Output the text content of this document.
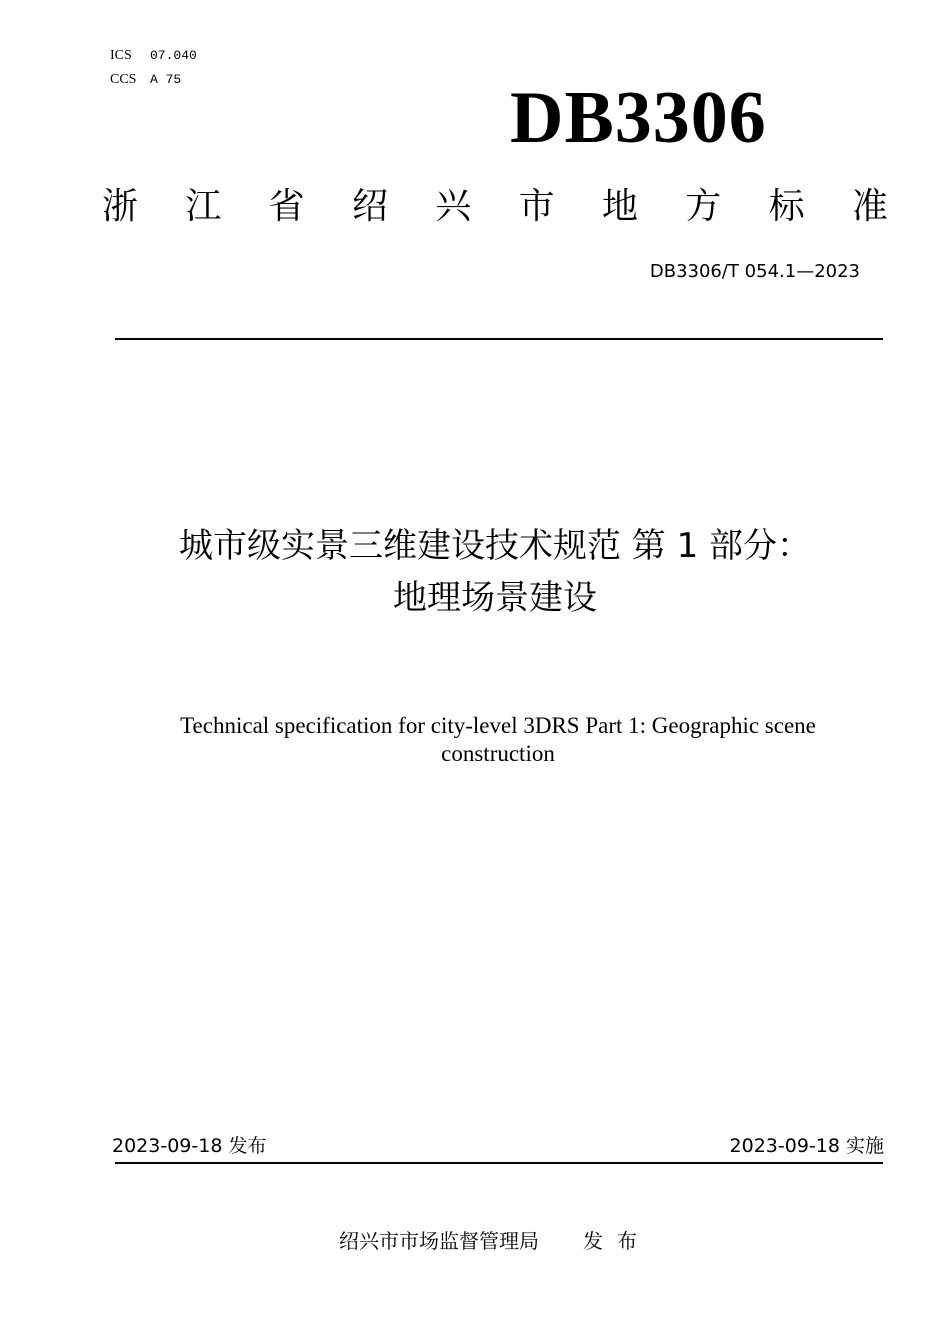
ICS	07.040
CCS	A 75	DB3306
浙 江 省 绍 兴 市 地 方 标 准
DB3306/T 054.1—2023
城市级实景三维建设技术规范 第 1 部分：
地理场景建设
Technical specification for city-level 3DRS Part 1: Geographic scene
construction
2023-09-18 发布	2023-09-18 实施
绍兴市市场监督管理局 发布
